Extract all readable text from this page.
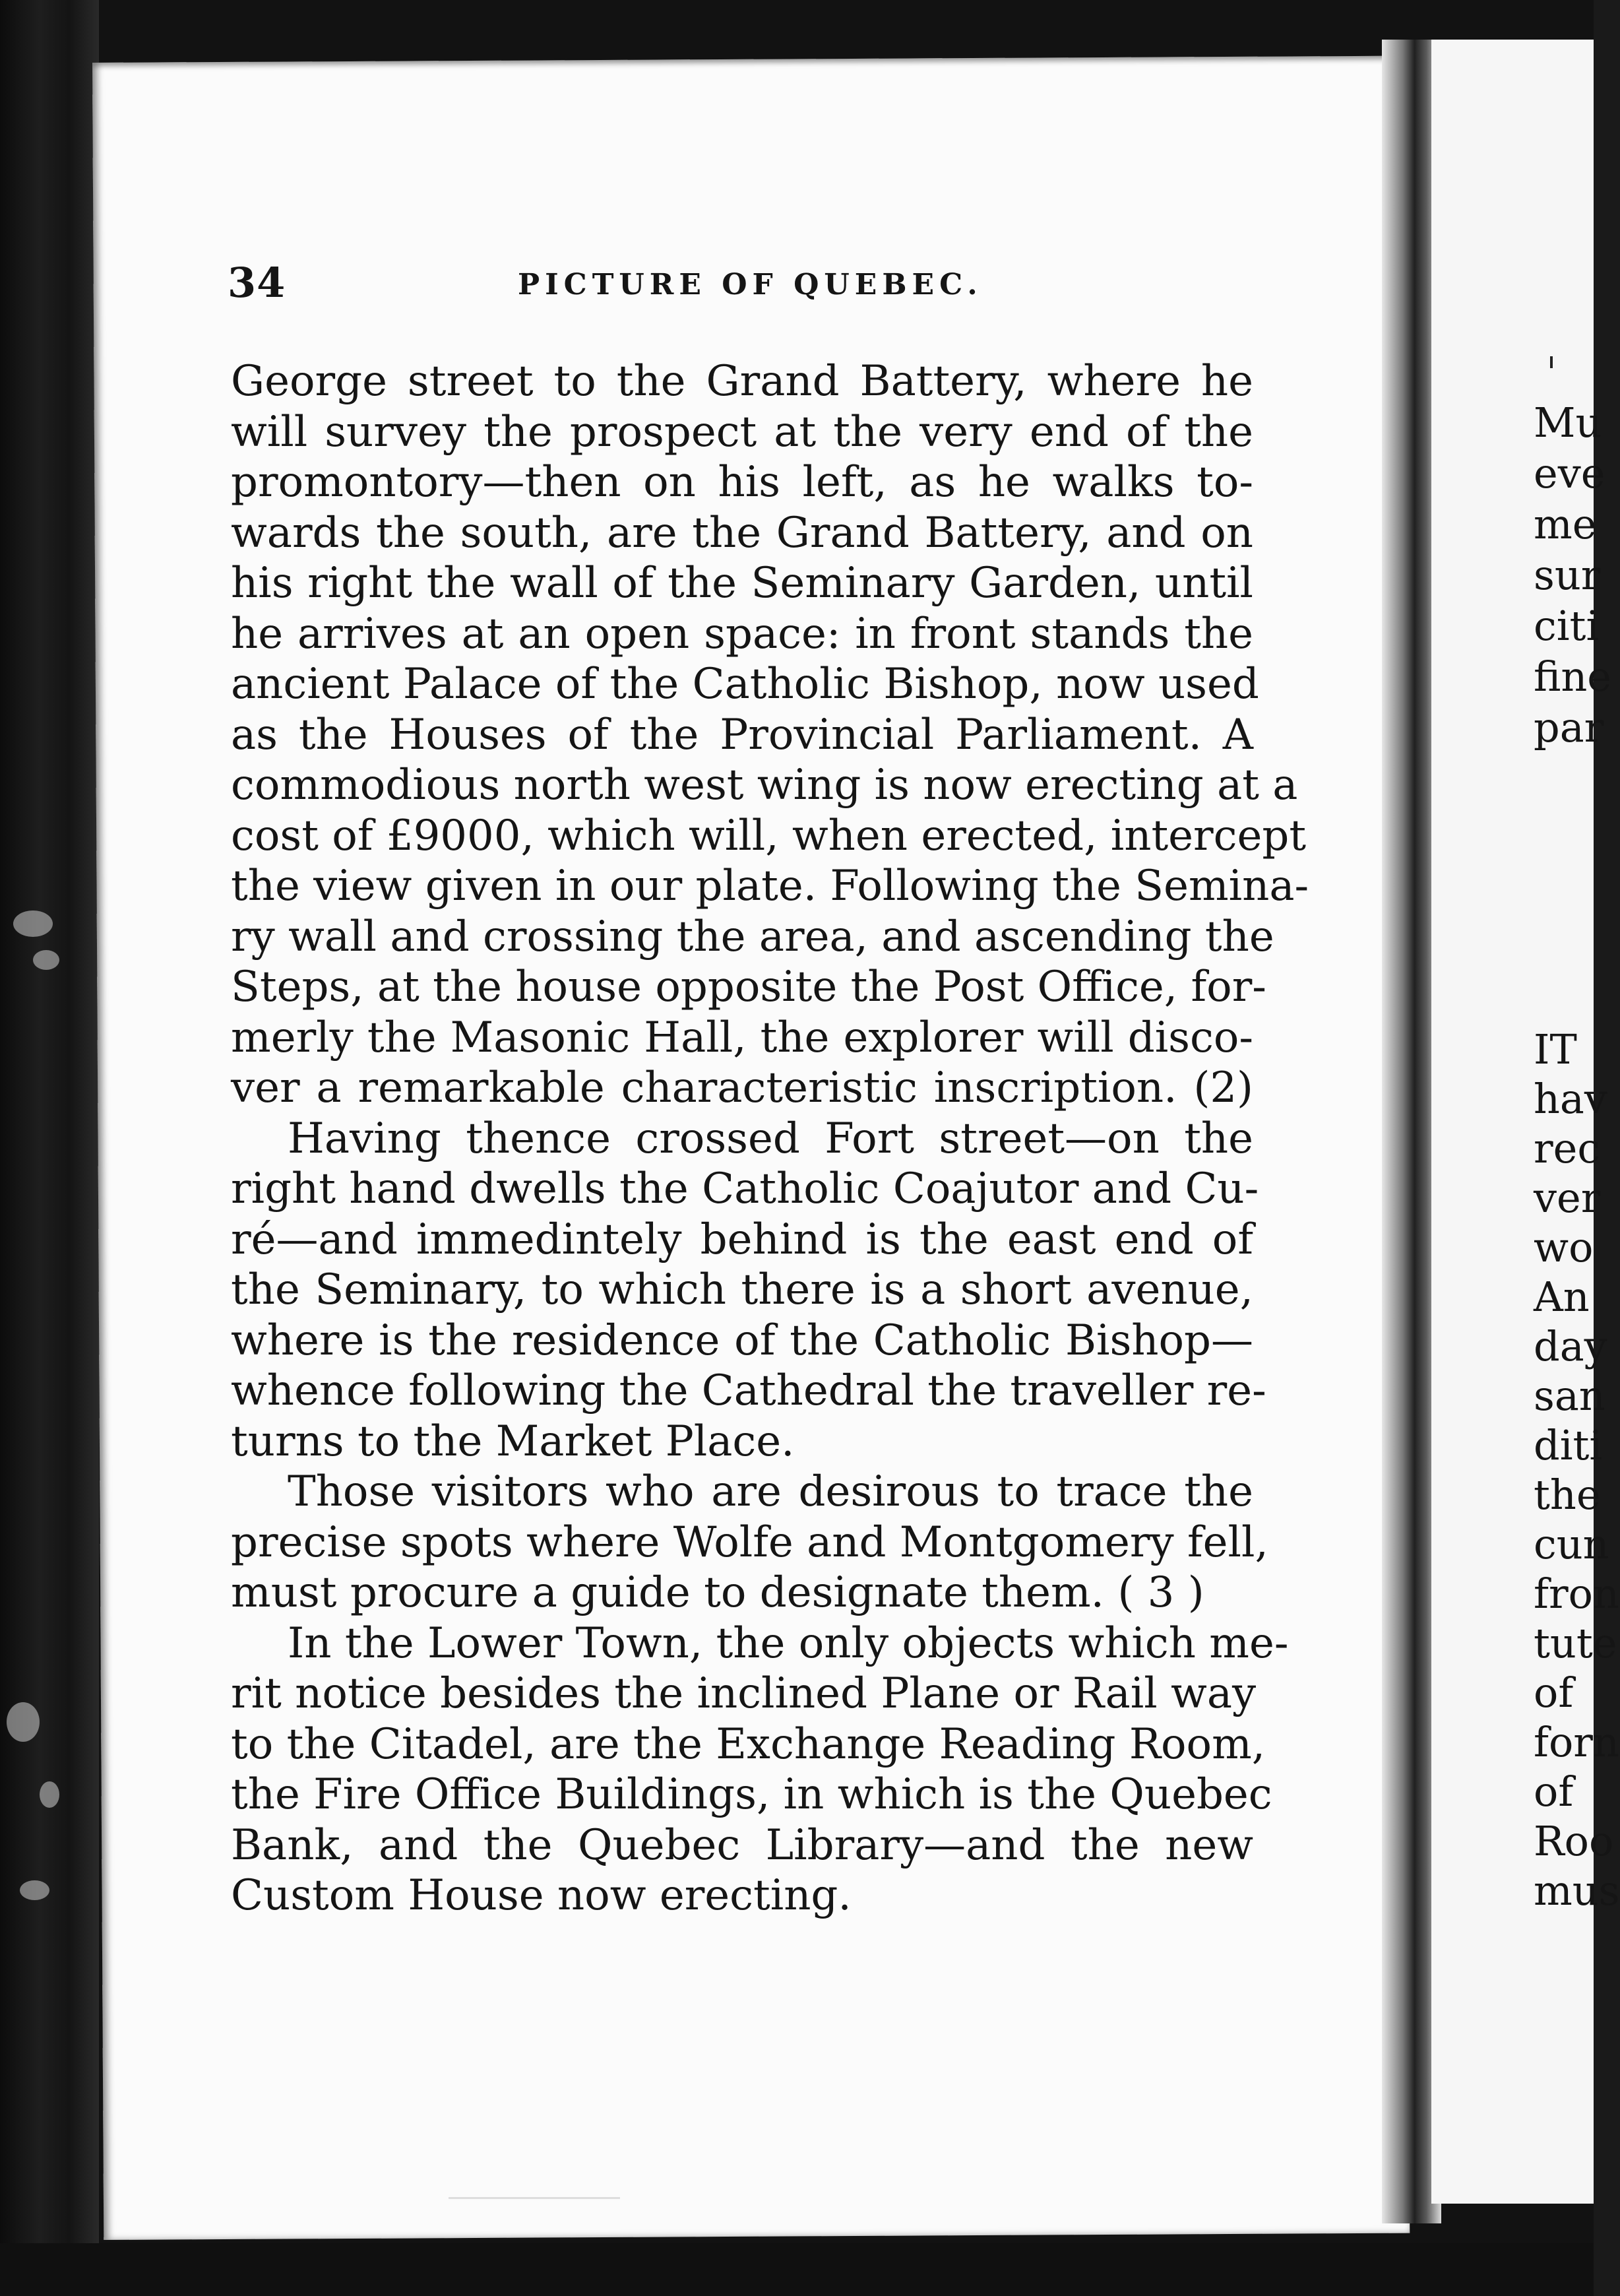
34	PICTURE OF QUEBEC.
George street to the Grand Battery, where he
will survey the prospect at the very end of the
promontory—then on his left, as he walks to-
wards the south, are the Grand Battery, and on
his right the wall of the Seminary Garden, until
he arrives at an open space: in front stands the
ancient Palace of the Catholic Bishop, now used
as the Houses of the Provincial Parliament. A
commodious north west wing is now erecting at a
cost of £9000, which will, when erected, intercept
the view given in our plate. Following the Semina-
ry wall and crossing the area, and ascending the
Steps, at the house opposite the Post Office, for-
merly the Masonic Hall, the explorer will disco-
ver a remarkable characteristic inscription. (2)
Having thence crossed Fort street—on the
right hand dwells the Catholic Coajutor and Cu-
ré—and immedintely behind is the east end of
the Seminary, to which there is a short avenue,
where is the residence of the Catholic Bishop—
whence following the Cathedral the traveller re-
turns to the Market Place.
Those visitors who are desirous to trace the
precise spots where Wolfe and Montgomery fell,
must procure a guide to designate them. ( 3 )
In the Lower Town, the only objects which me-
rit notice besides the inclined Plane or Rail way
to the Citadel, are the Exchange Reading Room,
the Fire Office Buildings, in which is the Quebec
Bank, and the Quebec Library—and the new
Custom House now erecting.
Mu
eve
me
sur
citi
fine
par
IT
hav
rec
ver
wo
An
day
san
diti
the
cun
fron
tute
of
forn
of
Roo
mus
